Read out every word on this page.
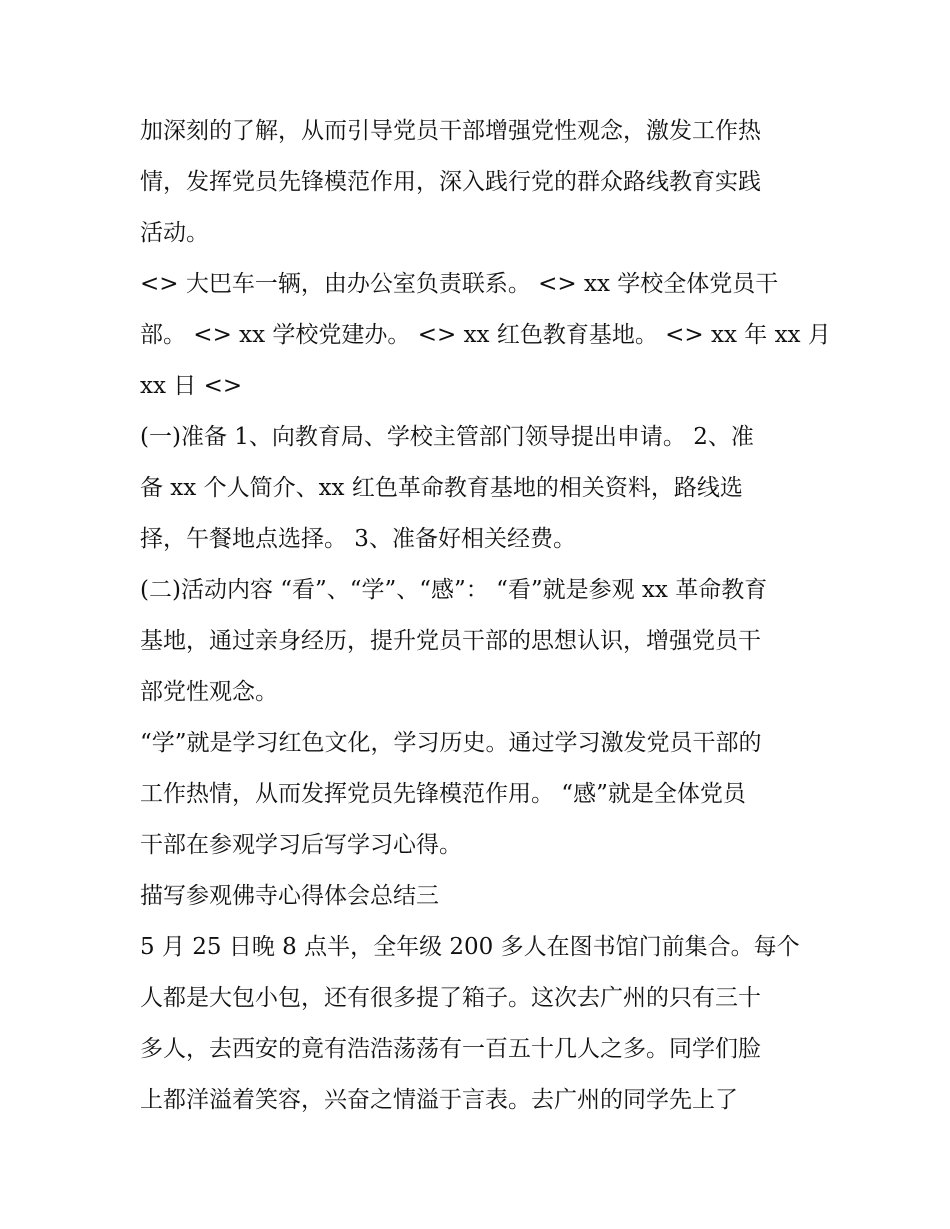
加深刻的了解，从而引导党员干部增强党性观念，激发工作热
情，发挥党员先锋模范作用，深入践行党的群众路线教育实践
活动。
<> 大巴车一辆，由办公室负责联系。 <> xx 学校全体党员干
部。 <> xx 学校党建办。 <> xx 红色教育基地。 <> xx 年 xx 月
xx 日 <>
(一)准备 1、向教育局、学校主管部门领导提出申请。 2、准
备 xx 个人简介、xx 红色革命教育基地的相关资料，路线选
择，午餐地点选择。 3、准备好相关经费。
(二)活动内容 “看”、“学”、“感”： “看”就是参观 xx 革命教育
基地，通过亲身经历，提升党员干部的思想认识，增强党员干
部党性观念。
“学”就是学习红色文化，学习历史。通过学习激发党员干部的
工作热情，从而发挥党员先锋模范作用。 “感”就是全体党员
干部在参观学习后写学习心得。
描写参观佛寺心得体会总结三
5 月 25 日晚 8 点半，全年级 200 多人在图书馆门前集合。每个
人都是大包小包，还有很多提了箱子。这次去广州的只有三十
多人，去西安的竟有浩浩荡荡有一百五十几人之多。同学们脸
上都洋溢着笑容，兴奋之情溢于言表。去广州的同学先上了
